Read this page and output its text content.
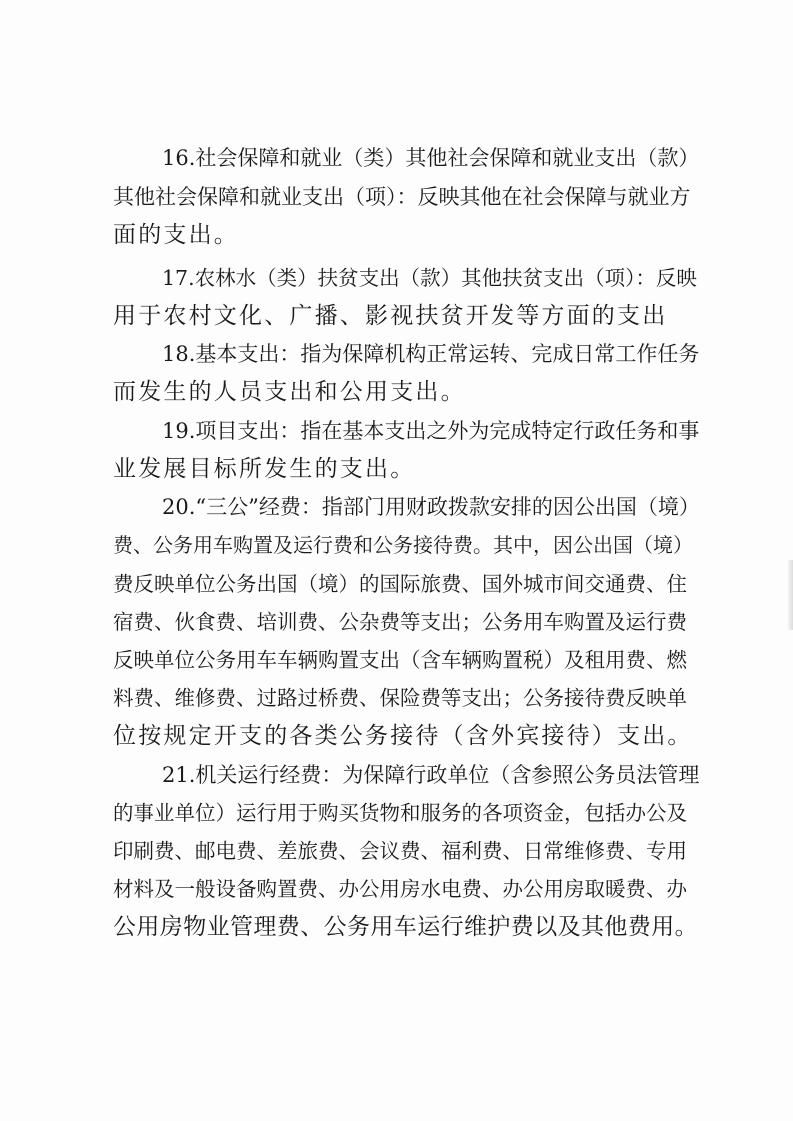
16.社会保障和就业（类）其他社会保障和就业支出（款）
其他社会保障和就业支出（项）：反映其他在社会保障与就业方
面的支出。
17.农林水（类）扶贫支出（款）其他扶贫支出（项）：反映
用于农村文化、广播、影视扶贫开发等方面的支出
18.基本支出：指为保障机构正常运转、完成日常工作任务
而发生的人员支出和公用支出。
19.项目支出：指在基本支出之外为完成特定行政任务和事
业发展目标所发生的支出。
20.“三公”经费：指部门用财政拨款安排的因公出国（境）
费、公务用车购置及运行费和公务接待费。其中，因公出国（境）
费反映单位公务出国（境）的国际旅费、国外城市间交通费、住
宿费、伙食费、培训费、公杂费等支出；公务用车购置及运行费
反映单位公务用车车辆购置支出（含车辆购置税）及租用费、燃
料费、维修费、过路过桥费、保险费等支出；公务接待费反映单
位按规定开支的各类公务接待（含外宾接待）支出。
21.机关运行经费：为保障行政单位（含参照公务员法管理
的事业单位）运行用于购买货物和服务的各项资金，包括办公及
印刷费、邮电费、差旅费、会议费、福利费、日常维修费、专用
材料及一般设备购置费、办公用房水电费、办公用房取暖费、办
公用房物业管理费、公务用车运行维护费以及其他费用。
